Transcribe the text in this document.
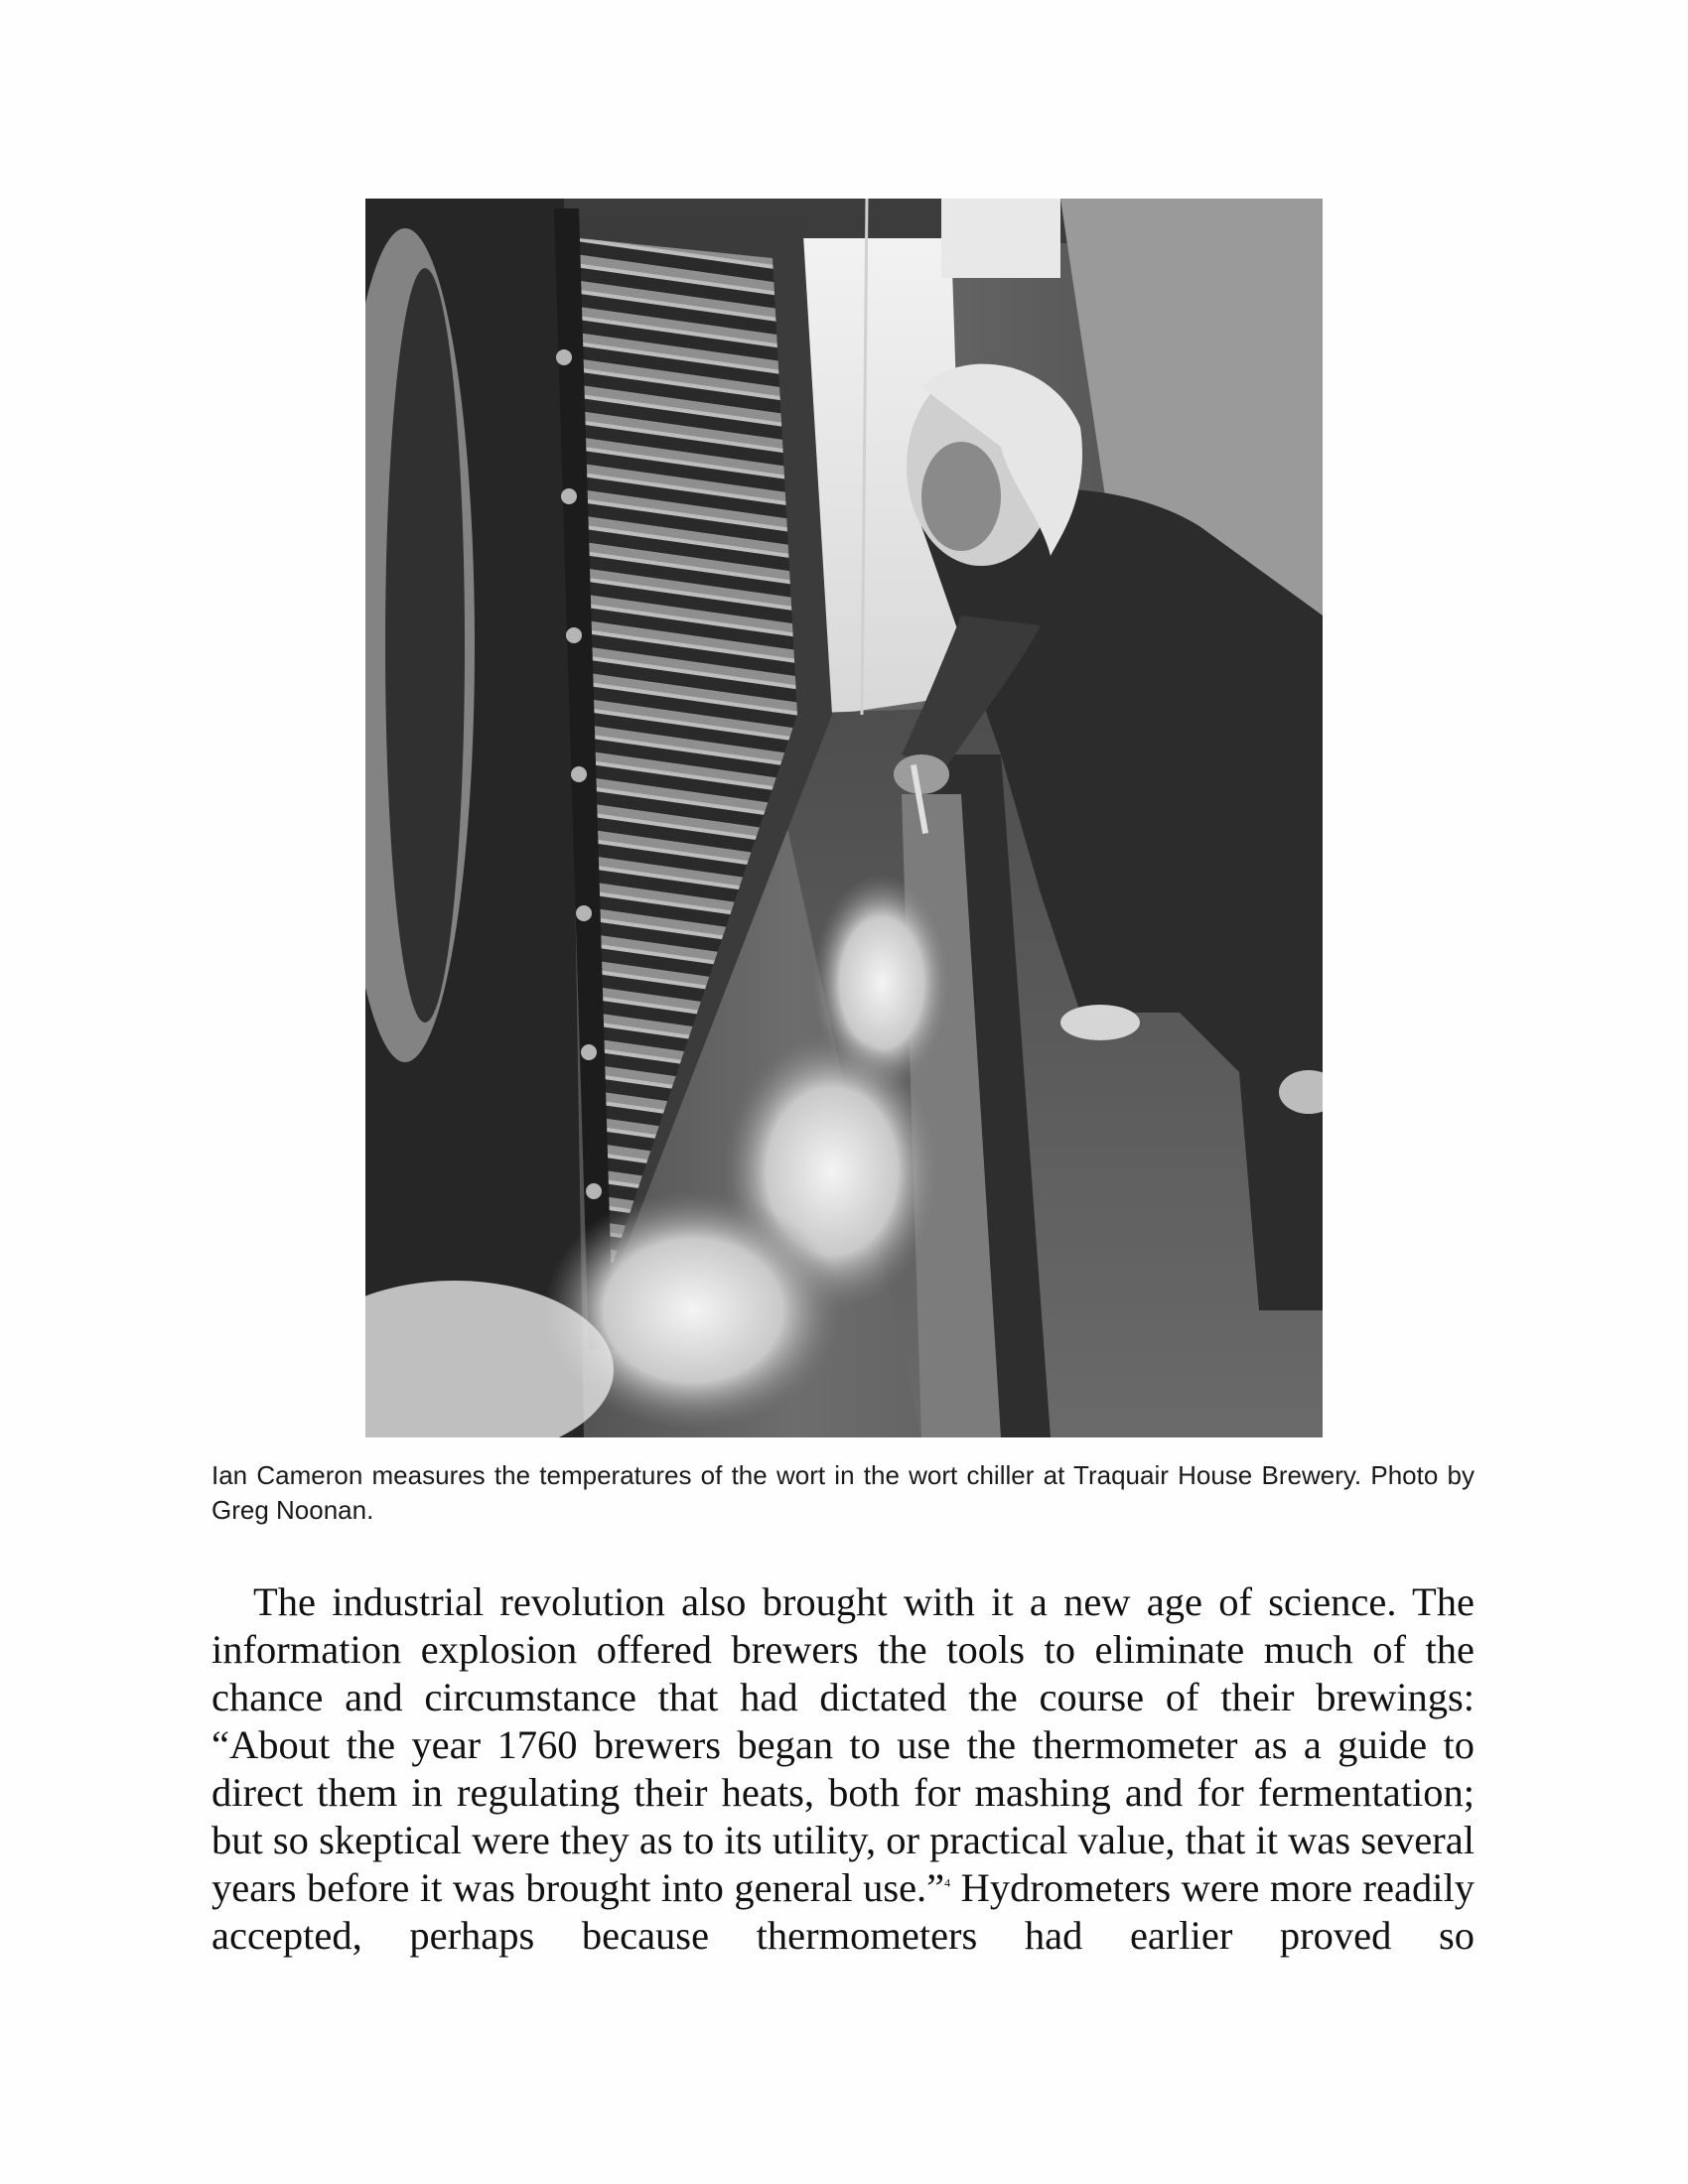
Ian Cameron measures the temperatures of the wort in the wort chiller at Traquair House Brewery. Photo by Greg Noonan.

The industrial revolution also brought with it a new age of science. The information explosion offered brewers the tools to eliminate much of the chance and circumstance that had dictated the course of their brewings: “About the year 1760 brewers began to use the thermometer as a guide to direct them in regulating their heats, both for mashing and for fermentation; but so skeptical were they as to its utility, or practical value, that it was several years before it was brought into general use.”$^4$ Hydrometers were more readily accepted, perhaps because thermometers had earlier proved so
